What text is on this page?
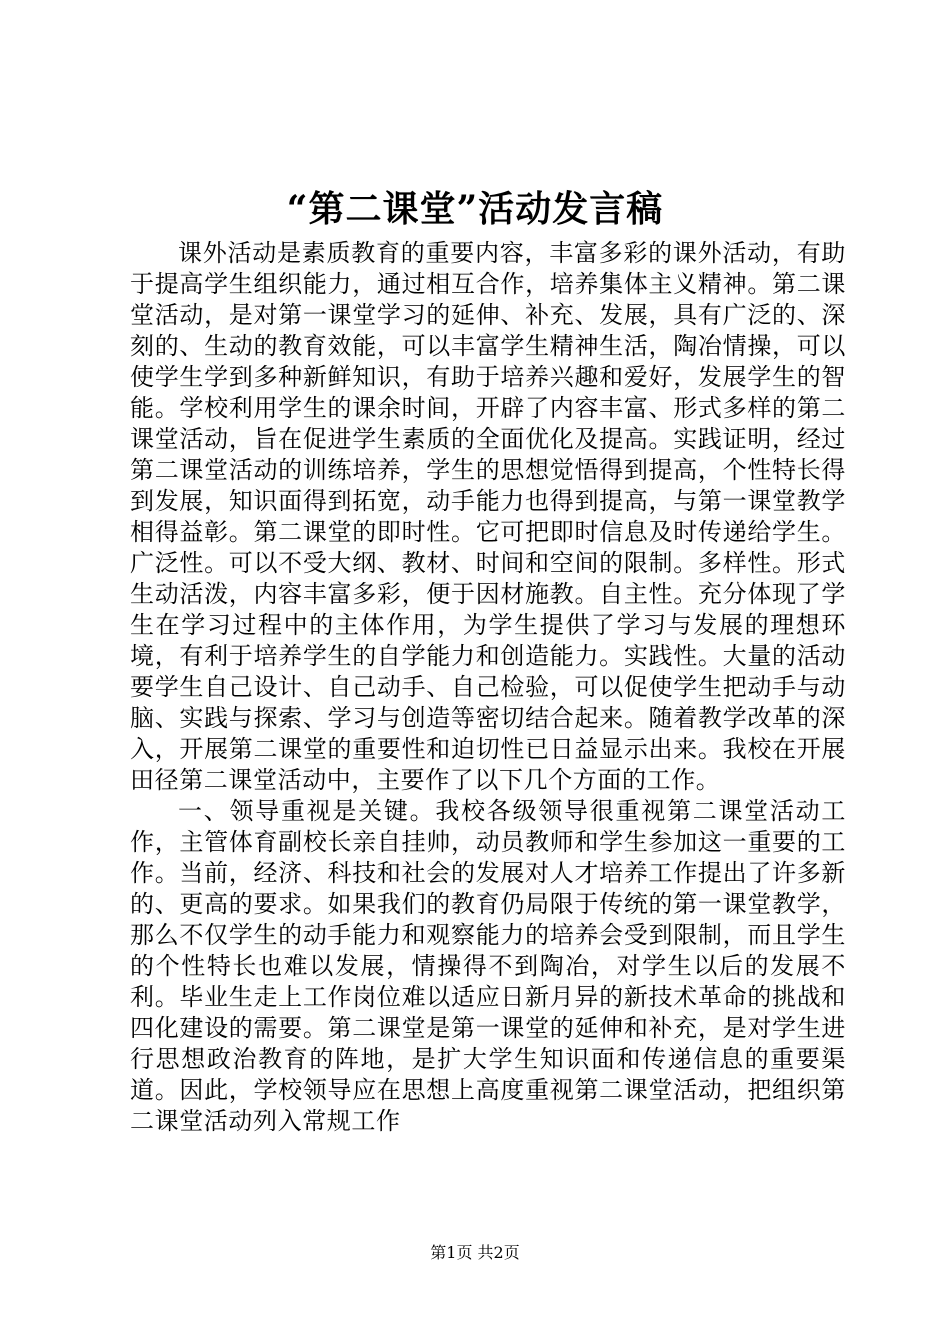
“第二课堂”活动发言稿

课外活动是素质教育的重要内容，丰富多彩的课外活动，有助于提高学生组织能力，通过相互合作，培养集体主义精神。第二课堂活动，是对第一课堂学习的延伸、补充、发展，具有广泛的、深刻的、生动的教育效能，可以丰富学生精神生活，陶冶情操，可以使学生学到多种新鲜知识，有助于培养兴趣和爱好，发展学生的智能。学校利用学生的课余时间，开辟了内容丰富、形式多样的第二课堂活动，旨在促进学生素质的全面优化及提高。实践证明，经过第二课堂活动的训练培养，学生的思想觉悟得到提高，个性特长得到发展，知识面得到拓宽，动手能力也得到提高，与第一课堂教学相得益彰。第二课堂的即时性。它可把即时信息及时传递给学生。广泛性。可以不受大纲、教材、时间和空间的限制。多样性。形式生动活泼，内容丰富多彩，便于因材施教。自主性。充分体现了学生在学习过程中的主体作用，为学生提供了学习与发展的理想环境，有利于培养学生的自学能力和创造能力。实践性。大量的活动要学生自己设计、自己动手、自己检验，可以促使学生把动手与动脑、实践与探索、学习与创造等密切结合起来。随着教学改革的深入，开展第二课堂的重要性和迫切性已日益显示出来。我校在开展田径第二课堂活动中，主要作了以下几个方面的工作。

一、领导重视是关键。我校各级领导很重视第二课堂活动工作，主管体育副校长亲自挂帅，动员教师和学生参加这一重要的工作。当前，经济、科技和社会的发展对人才培养工作提出了许多新的、更高的要求。如果我们的教育仍局限于传统的第一课堂教学，那么不仅学生的动手能力和观察能力的培养会受到限制，而且学生的个性特长也难以发展，情操得不到陶冶，对学生以后的发展不利。毕业生走上工作岗位难以适应日新月异的新技术革命的挑战和四化建设的需要。第二课堂是第一课堂的延伸和补充，是对学生进行思想政治教育的阵地，是扩大学生知识面和传递信息的重要渠道。因此，学校领导应在思想上高度重视第二课堂活动，把组织第二课堂活动列入常规工作

第1页 共2页
